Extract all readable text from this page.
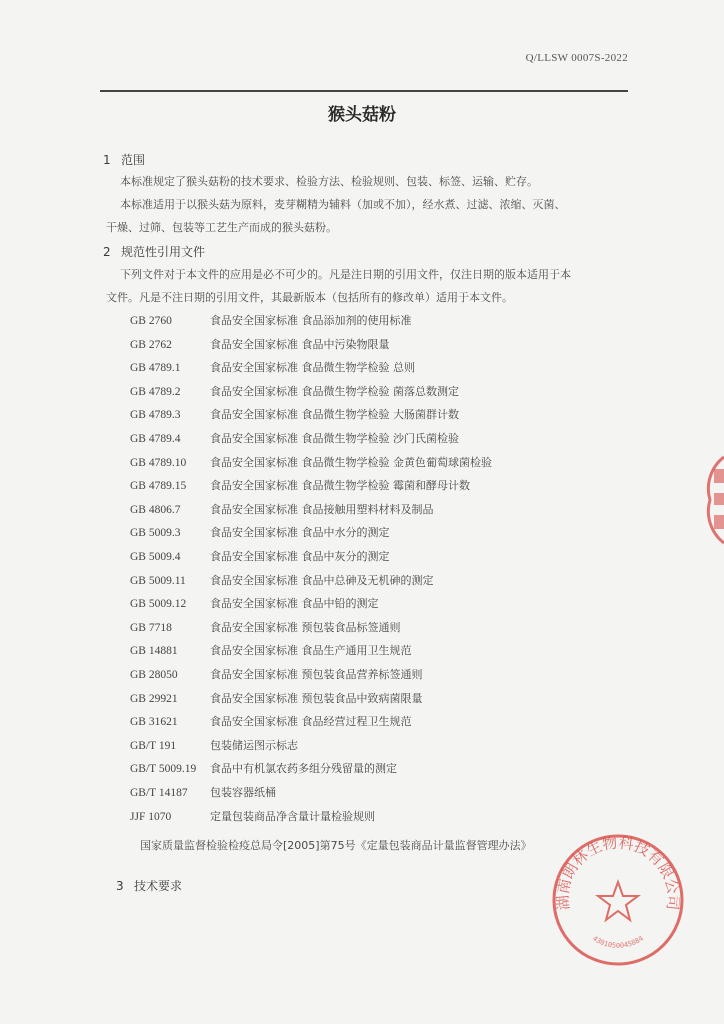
Q/LLSW 0007S-2022
猴头菇粉
1 范围
本标准规定了猴头菇粉的技术要求、检验方法、检验规则、包装、标签、运输、贮存。
本标准适用于以猴头菇为原料，麦芽糊精为辅料（加或不加），经水煮、过滤、浓缩、灭菌、
干燥、过筛、包装等工艺生产而成的猴头菇粉。
2 规范性引用文件
下列文件对于本文件的应用是必不可少的。凡是注日期的引用文件，仅注日期的版本适用于本
文件。凡是不注日期的引用文件，其最新版本（包括所有的修改单）适用于本文件。
GB 2760	食品安全国家标准 食品添加剂的使用标准
GB 2762	食品安全国家标准 食品中污染物限量
GB 4789.1	食品安全国家标准 食品微生物学检验 总则
GB 4789.2	食品安全国家标准 食品微生物学检验 菌落总数测定
GB 4789.3	食品安全国家标准 食品微生物学检验 大肠菌群计数
GB 4789.4	食品安全国家标准 食品微生物学检验 沙门氏菌检验
GB 4789.10 食品安全国家标准 食品微生物学检验 金黄色葡萄球菌检验
GB 4789.15 食品安全国家标准 食品微生物学检验 霉菌和酵母计数
GB 4806.7	食品安全国家标准 食品接触用塑料材料及制品
GB 5009.3	食品安全国家标准 食品中水分的测定
GB 5009.4	食品安全国家标准 食品中灰分的测定
GB 5009.11 食品安全国家标准 食品中总砷及无机砷的测定
GB 5009.12 食品安全国家标准 食品中铅的测定
GB 7718	食品安全国家标准 预包装食品标签通则
GB 14881	食品安全国家标准 食品生产通用卫生规范
GB 28050	食品安全国家标准 预包装食品营养标签通则
GB 29921	食品安全国家标准 预包装食品中致病菌限量
GB 31621	食品安全国家标准 食品经营过程卫生规范
GB/T 191	包装储运图示标志
GB/T 5009.19 食品中有机氯农药多组分残留量的测定
GB/T 14187 包装容器纸桶
JJF 1070	定量包装商品净含量计量检验规则
国家质量监督检验检疫总局令[2005]第75号《定量包装商品计量监督管理办法》
3 技术要求
湖南朗林生物科技有限公司
4301050045884
